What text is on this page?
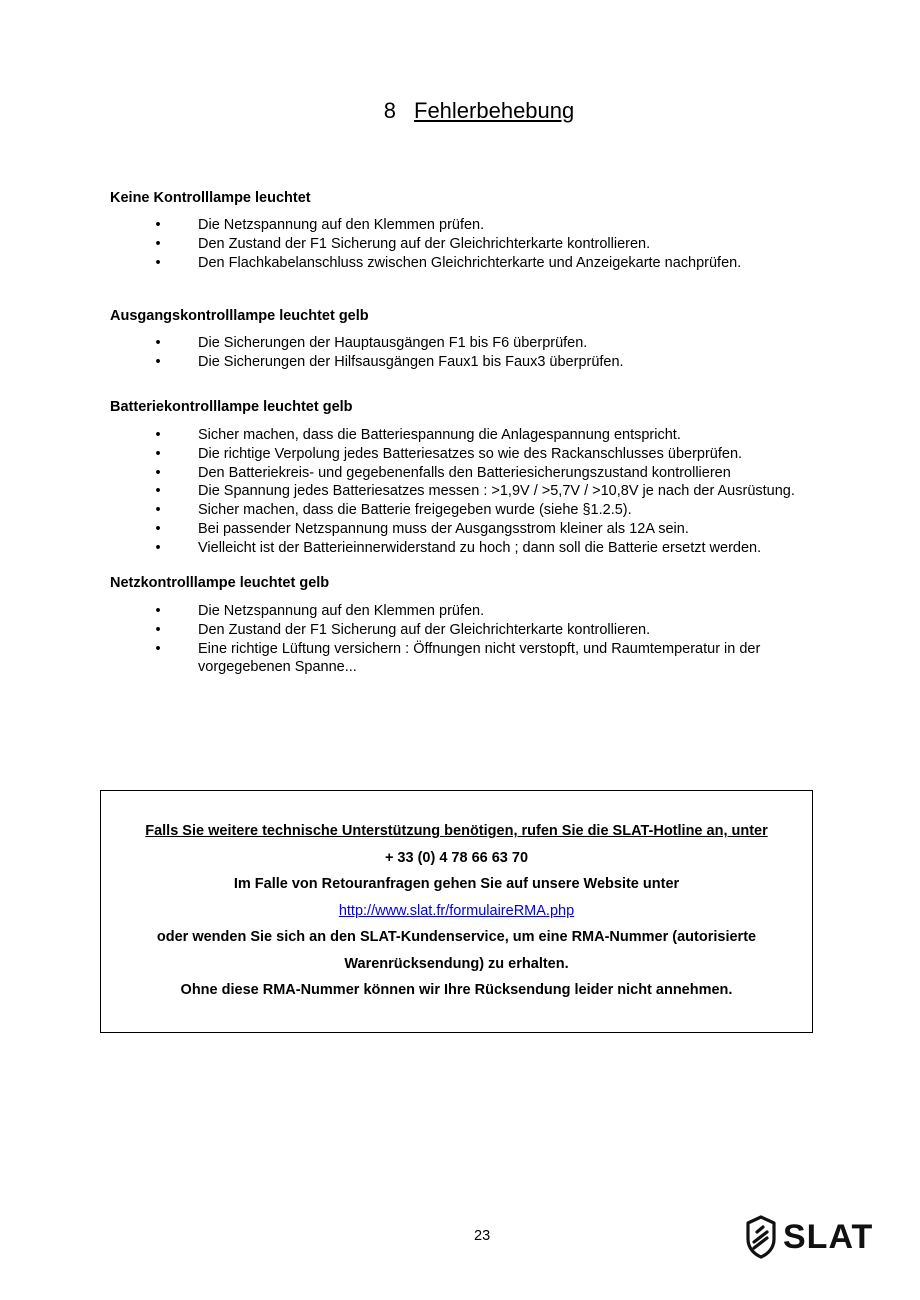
8 Fehlerbehebung
Keine Kontrolllampe leuchtet
•	Die Netzspannung auf den Klemmen prüfen.
•	Den Zustand der F1 Sicherung auf der Gleichrichterkarte kontrollieren.
•	Den Flachkabelanschluss zwischen Gleichrichterkarte und Anzeigekarte nachprüfen.
Ausgangskontrolllampe leuchtet gelb
•	Die Sicherungen der Hauptausgängen F1 bis F6 überprüfen.
•	Die Sicherungen der Hilfsausgängen Faux1 bis Faux3 überprüfen.
Batteriekontrolllampe leuchtet gelb
•	Sicher machen, dass die Batteriespannung die Anlagespannung entspricht.
•	Die richtige Verpolung jedes Batteriesatzes so wie des Rackanschlusses überprüfen.
•	Den Batteriekreis- und gegebenenfalls den Batteriesicherungszustand kontrollieren
•	Die Spannung jedes Batteriesatzes messen : >1,9V / >5,7V / >10,8V je nach der Ausrüstung.
•	Sicher machen, dass die Batterie freigegeben wurde (siehe §1.2.5).
•	Bei passender Netzspannung muss der Ausgangsstrom kleiner als 12A sein.
•	Vielleicht ist der Batterieinnerwiderstand zu hoch ; dann soll die Batterie ersetzt werden.
Netzkontrolllampe leuchtet gelb
•	Die Netzspannung auf den Klemmen prüfen.
•	Den Zustand der F1 Sicherung auf der Gleichrichterkarte kontrollieren.
•	Eine richtige Lüftung versichern : Öffnungen nicht verstopft, und Raumtemperatur in der vorgegebenen Spanne...
Falls Sie weitere technische Unterstützung benötigen, rufen Sie die SLAT-Hotline an, unter
+ 33 (0) 4 78 66 63 70
Im Falle von Retouranfragen gehen Sie auf unsere Website unter
http://www.slat.fr/formulaireRMA.php
oder wenden Sie sich an den SLAT-Kundenservice, um eine RMA-Nummer (autorisierte
Warenrücksendung) zu erhalten.
Ohne diese RMA-Nummer können wir Ihre Rücksendung leider nicht annehmen.
23	SLAT
